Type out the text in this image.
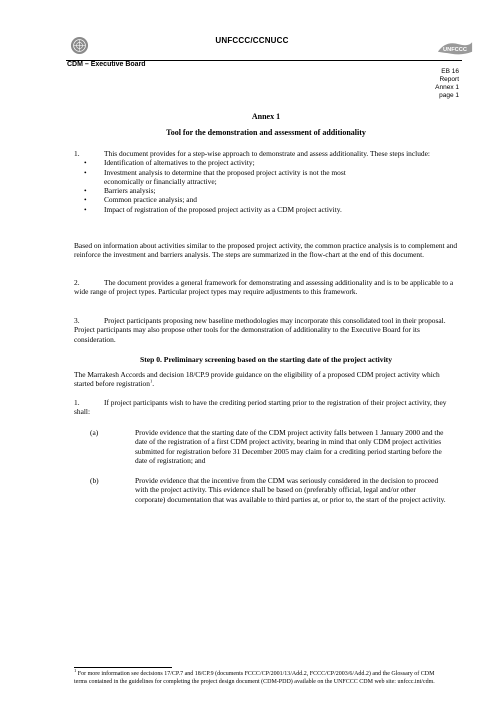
UNFCCC/CCNUCC
UNFCCC
CDM – Executive Board
EB 16
Report
Annex 1
page 1
Annex 1
Tool for the demonstration and assessment of additionality
1.	This document provides for a step-wise approach to demonstrate and assess additionality. These steps include:
• Identification of alternatives to the project activity;
• Investment analysis to determine that the proposed project activity is not the most
economically or financially attractive;
• Barriers analysis;
• Common practice analysis; and
• Impact of registration of the proposed project activity as a CDM project activity.
Based on information about activities similar to the proposed project activity, the common practice analysis is to complement and reinforce the investment and barriers analysis. The steps are summarized in the flow-chart at the end of this document.
2.	The document provides a general framework for demonstrating and assessing additionality and is to be applicable to a wide range of project types. Particular project types may require adjustments to this framework.
3.	Project participants proposing new baseline methodologies may incorporate this consolidated tool in their proposal. Project participants may also propose other tools for the demonstration of additionality to the Executive Board for its consideration.
Step 0. Preliminary screening based on the starting date of the project activity
The Marrakesh Accords and decision 18/CP.9 provide guidance on the eligibility of a proposed CDM project activity which started before registration$^1$.
1.	If project participants wish to have the crediting period starting prior to the registration of their project activity, they shall:
(a)	Provide evidence that the starting date of the CDM project activity falls between 1 January 2000 and the date of the registration of a first CDM project activity, bearing in mind that only CDM project activities submitted for registration before 31 December 2005 may claim for a crediting period starting before the date of registration; and
(b)	Provide evidence that the incentive from the CDM was seriously considered in the decision to proceed with the project activity. This evidence shall be based on (preferably official, legal and/or other corporate) documentation that was available to third parties at, or prior to, the start of the project activity.
$^1$ For more information see decisions 17/CP.7 and 18/CP.9 (documents FCCC/CP/2001/13/Add.2, FCCC/CP/2003/6/Add.2) and the Glossary of CDM terms contained in the guidelines for completing the project design document (CDM-PDD) available on the UNFCCC CDM web site: unfccc.int/cdm.
